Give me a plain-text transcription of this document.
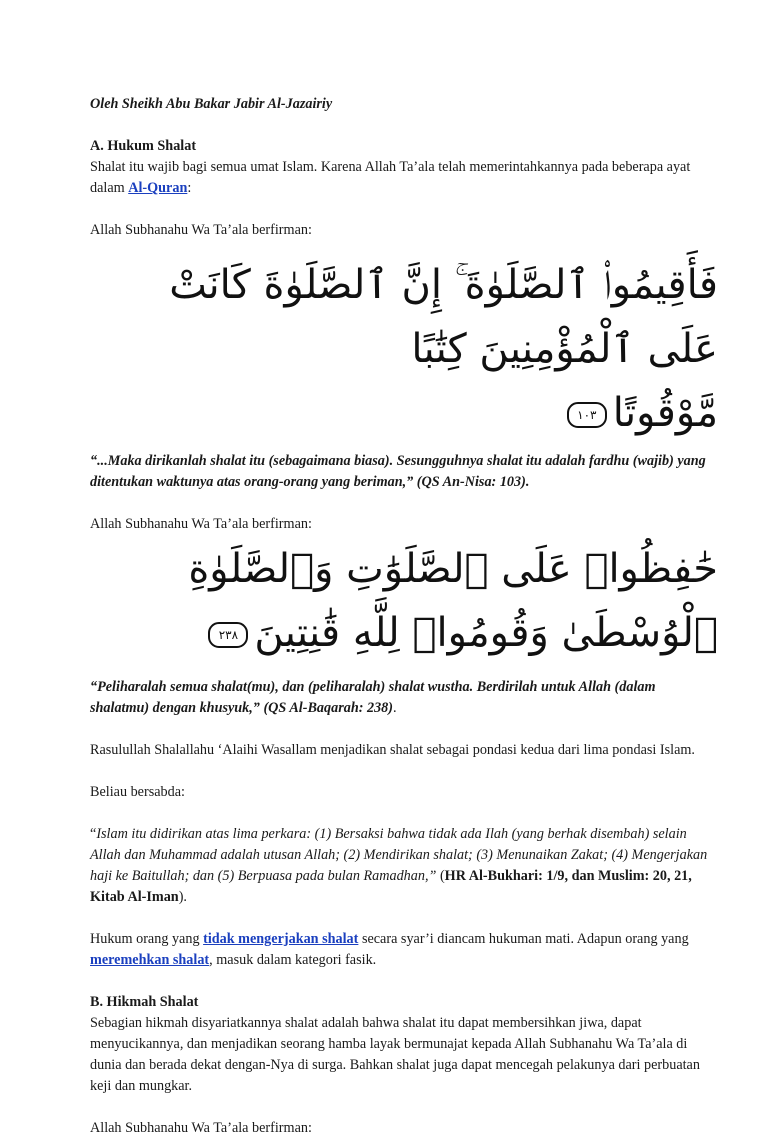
Oleh Sheikh Abu Bakar Jabir Al-Jazairiy

A. Hukum Shalat

Shalat itu wajib bagi semua umat Islam. Karena Allah Ta’ala telah memerintahkannya pada beberapa ayat dalam Al-Quran:

Allah Subhanahu Wa Ta’ala berfirman:

فَأَقِيمُوا۟ ٱلصَّلَوٰةَ ۚ إِنَّ ٱلصَّلَوٰةَ كَانَتْ عَلَى ٱلْمُؤْمِنِينَ كِتَٰبًا
مَّوْقُوتًا١٠٣

“...Maka dirikanlah shalat itu (sebagaimana biasa). Sesungguhnya shalat itu adalah fardhu (wajib) yang ditentukan waktunya atas orang-orang yang beriman,” (QS An-Nisa: 103).

Allah Subhanahu Wa Ta’ala berfirman:

حَٰفِظُوا۟ عَلَى ٱلصَّلَوَٰتِ وَٱلصَّلَوٰةِ ٱلْوُسْطَىٰ وَقُومُوا۟ لِلَّهِ قَٰنِتِينَ٢٣٨

“Peliharalah semua shalat(mu), dan (peliharalah) shalat wustha. Berdirilah untuk Allah (dalam shalatmu) dengan khusyuk,” (QS Al-Baqarah: 238).

Rasulullah Shalallahu ‘Alaihi Wasallam menjadikan shalat sebagai pondasi kedua dari lima pondasi Islam.

Beliau bersabda:

“Islam itu didirikan atas lima perkara: (1) Bersaksi bahwa tidak ada Ilah (yang berhak disembah) selain Allah dan Muhammad adalah utusan Allah; (2) Mendirikan shalat; (3) Menunaikan Zakat; (4) Mengerjakan haji ke Baitullah; dan (5) Berpuasa pada bulan Ramadhan,” (HR Al-Bukhari: 1/9, dan Muslim: 20, 21, Kitab Al-Iman).

Hukum orang yang tidak mengerjakan shalat secara syar’i diancam hukuman mati. Adapun orang yang meremehkan shalat, masuk dalam kategori fasik.

B. Hikmah Shalat

Sebagian hikmah disyariatkannya shalat adalah bahwa shalat itu dapat membersihkan jiwa, dapat menyucikannya, dan menjadikan seorang hamba layak bermunajat kepada Allah Subhanahu Wa Ta’ala di dunia dan berada dekat dengan-Nya di surga. Bahkan shalat juga dapat mencegah pelakunya dari perbuatan keji dan mungkar.

Allah Subhanahu Wa Ta’ala berfirman:
